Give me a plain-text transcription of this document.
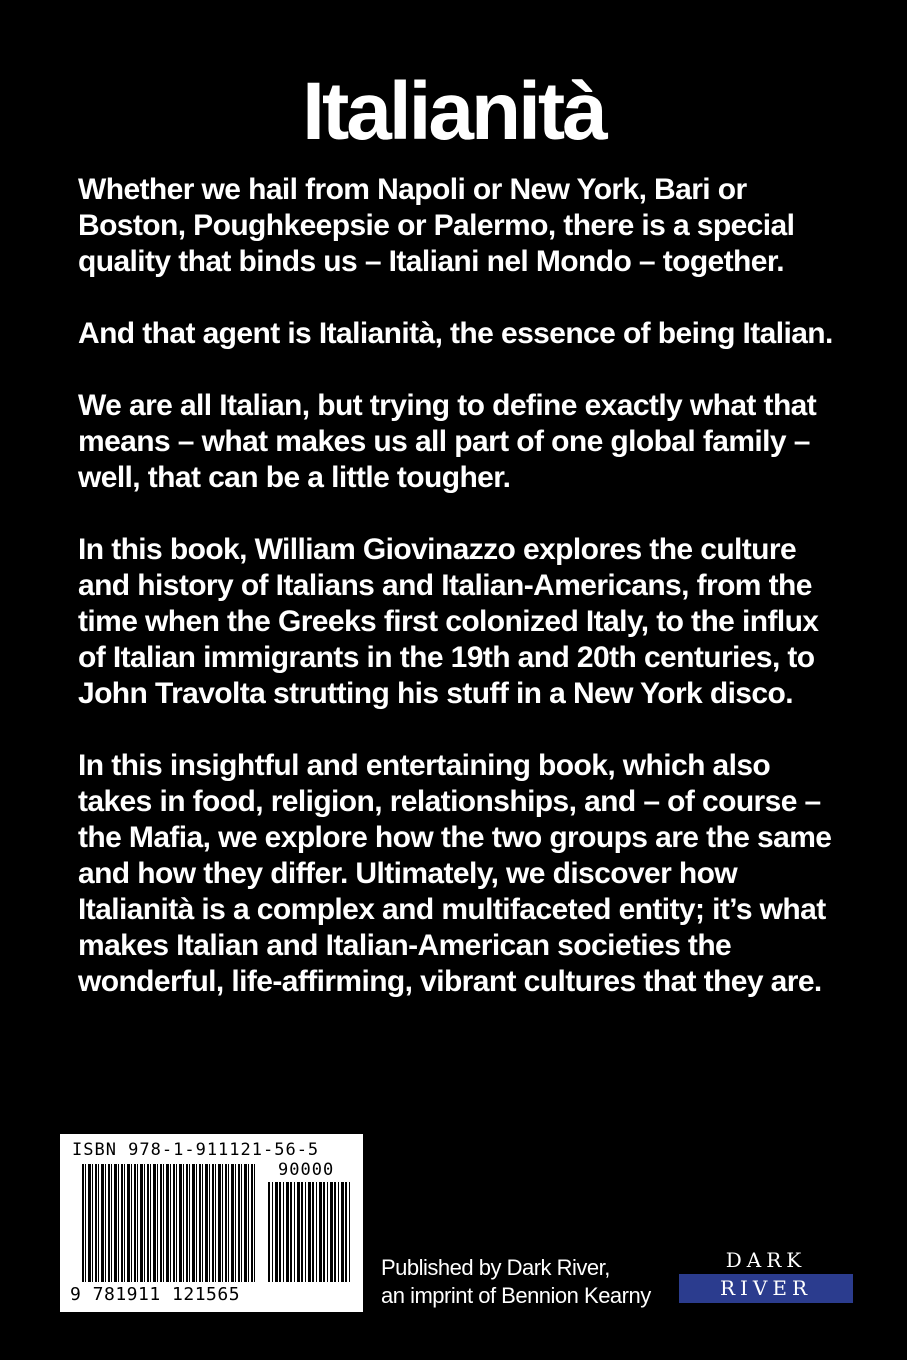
Italianità

Whether we hail from Napoli or New York, Bari or Boston, Poughkeepsie or Palermo, there is a special quality that binds us – Italiani nel Mondo – together.

And that agent is Italianità, the essence of being Italian.

We are all Italian, but trying to define exactly what that means – what makes us all part of one global family – well, that can be a little tougher.

In this book, William Giovinazzo explores the culture and history of Italians and Italian-Americans, from the time when the Greeks first colonized Italy, to the influx of Italian immigrants in the 19th and 20th centuries, to John Travolta strutting his stuff in a New York disco.

In this insightful and entertaining book, which also takes in food, religion, relationships, and – of course – the Mafia, we explore how the two groups are the same and how they differ. Ultimately, we discover how Italianità is a complex and multifaceted entity; it’s what makes Italian and Italian-American societies the wonderful, life-affirming, vibrant cultures that they are.

ISBN 978-1-911121-56-5
90000
9 781911 121565
Published by Dark River,
an imprint of Bennion Kearny
DARK
RIVER
